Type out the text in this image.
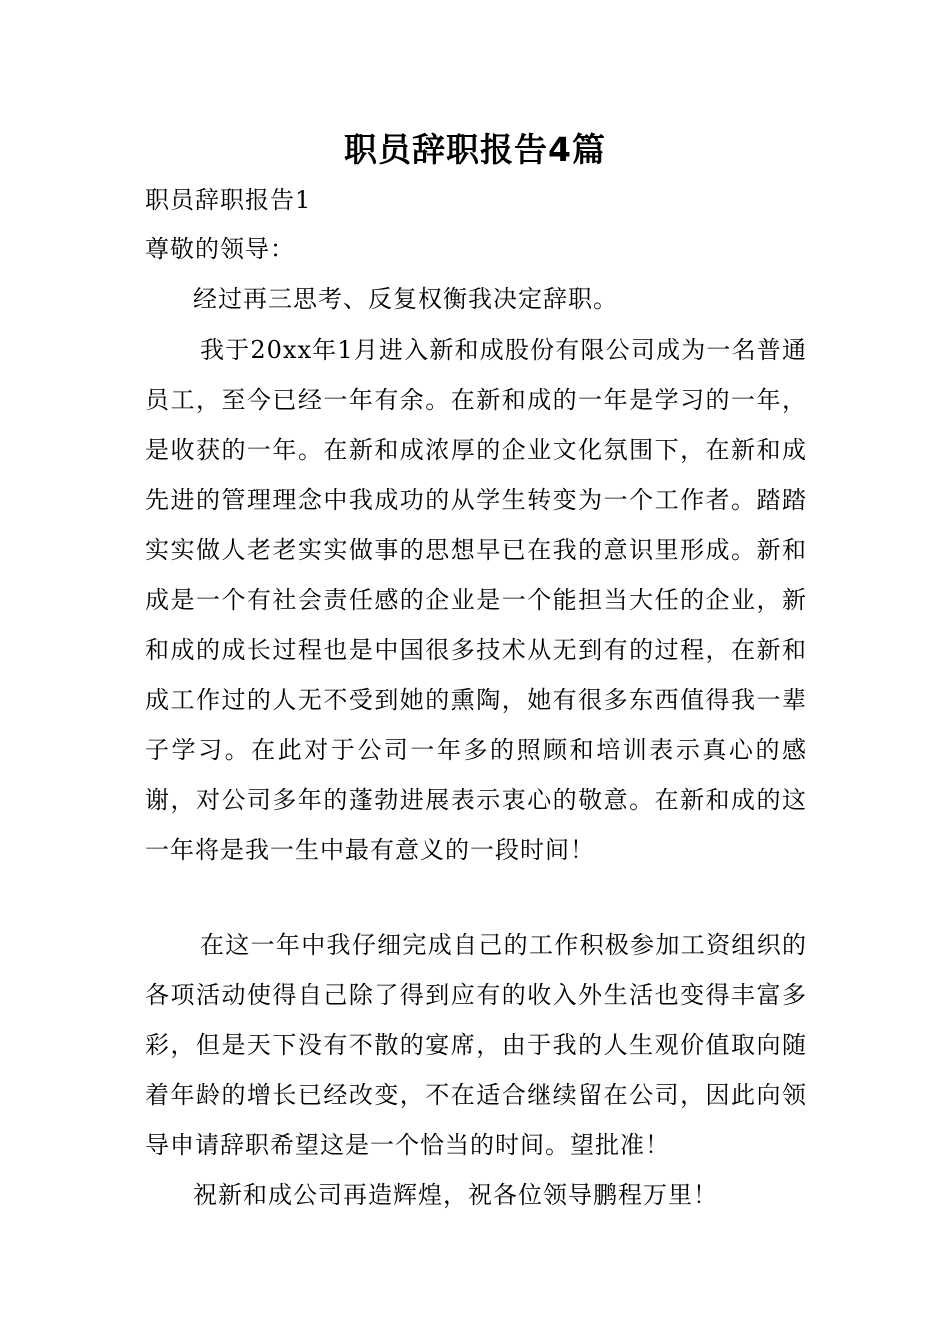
职员辞职报告4篇
职员辞职报告1
尊敬的领导：
经过再三思考、反复权衡我决定辞职。
我于20xx年1月进入新和成股份有限公司成为一名普通员工，至今已经一年有余。在新和成的一年是学习的一年，是收获的一年。在新和成浓厚的企业文化氛围下，在新和成先进的管理理念中我成功的从学生转变为一个工作者。踏踏实实做人老老实实做事的思想早已在我的意识里形成。新和成是一个有社会责任感的企业是一个能担当大任的企业，新和成的成长过程也是中国很多技术从无到有的过程，在新和成工作过的人无不受到她的熏陶，她有很多东西值得我一辈子学习。在此对于公司一年多的照顾和培训表示真心的感谢，对公司多年的蓬勃进展表示衷心的敬意。在新和成的这一年将是我一生中最有意义的一段时间！
在这一年中我仔细完成自己的工作积极参加工资组织的各项活动使得自己除了得到应有的收入外生活也变得丰富多彩，但是天下没有不散的宴席，由于我的人生观价值取向随着年龄的增长已经改变，不在适合继续留在公司，因此向领导申请辞职希望这是一个恰当的时间。望批准！
祝新和成公司再造辉煌，祝各位领导鹏程万里！
